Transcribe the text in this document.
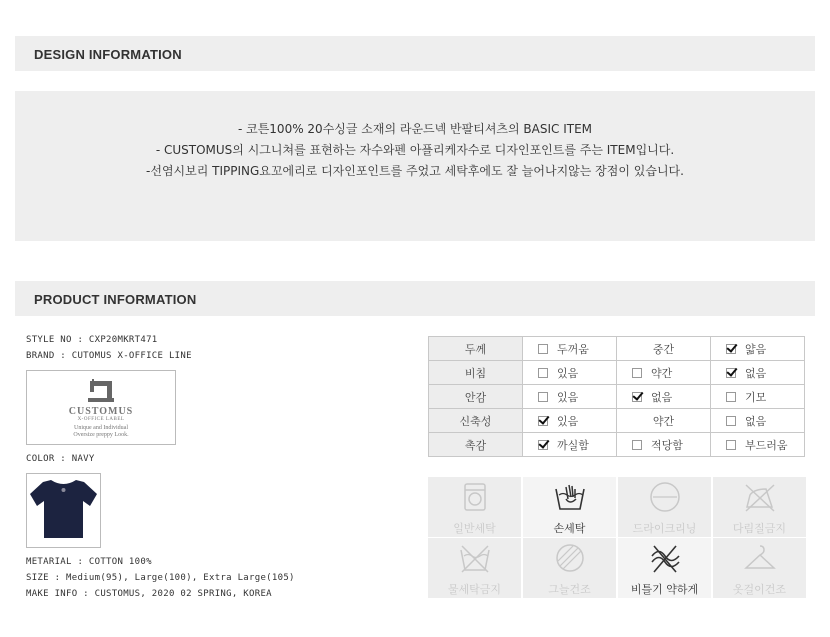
DESIGN INFORMATION
- 코튼100% 20수싱글 소재의 라운드넥 반팔티셔츠의 BASIC ITEM
- CUSTOMUS의 시그니쳐를 표현하는 자수와펜 아플리케자수로 디자인포인트를 주는 ITEM입니다.
-선염시보리 TIPPING요꼬에리로 디자인포인트를 주었고 세탁후에도 잘 늘어나지않는 장점이 있습니다.
PRODUCT INFORMATION
STYLE NO : CXP20MKRT471
BRAND : CUTOMUS X-OFFICE LINE
CUSTOMUS
X-OFFICE LABEL
Unique and Individual
Oversize preppy Look.
COLOR : NAVY
METARIAL : COTTON 100%
SIZE : Medium(95), Large(100), Extra Large(105)
MAKE INFO : CUSTOMUS, 2020 02 SPRING, KOREA
두께	두꺼움	중간	얇음

비침	있음	약간	없음

안감	있음	없음	기모

신축성	있음	약간	없음

촉감	까실함	적당함	부드러움
일반세탁	손세탁	드라이크리닝	다림질금지
물세탁금지	그늘건조	비틀기 약하게	옷걸이건조
